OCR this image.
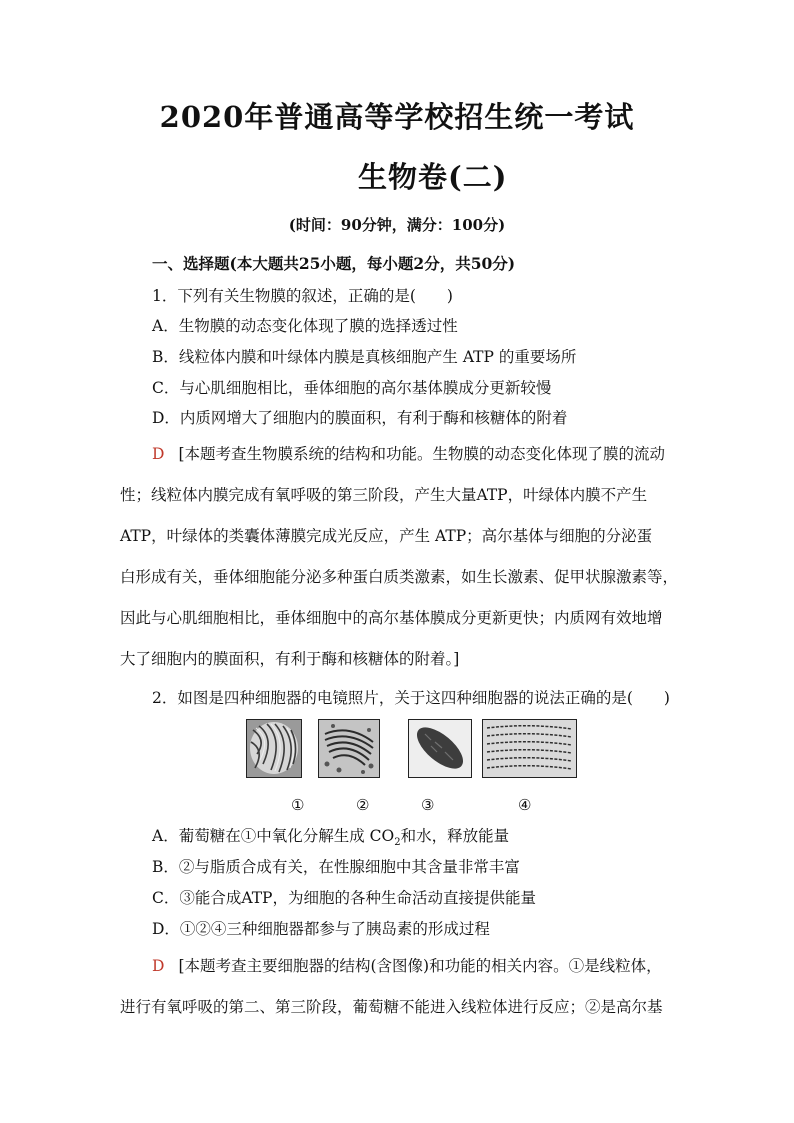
2020年普通高等学校招生统一考试
生物卷(二)
(时间：90分钟，满分：100分)
一、选择题(本大题共25小题，每小题2分，共50分)
1．下列有关生物膜的叙述，正确的是(　　)
A．生物膜的动态变化体现了膜的选择透过性
B．线粒体内膜和叶绿体内膜是真核细胞产生 ATP 的重要场所
C．与心肌细胞相比，垂体细胞的高尔基体膜成分更新较慢
D．内质网增大了细胞内的膜面积，有利于酶和核糖体的附着
D [本题考查生物膜系统的结构和功能。生物膜的动态变化体现了膜的流动
性；线粒体内膜完成有氧呼吸的第三阶段，产生大量ATP，叶绿体内膜不产生
ATP，叶绿体的类囊体薄膜完成光反应，产生 ATP；高尔基体与细胞的分泌蛋
白形成有关，垂体细胞能分泌多种蛋白质类激素，如生长激素、促甲状腺激素等，
因此与心肌细胞相比，垂体细胞中的高尔基体膜成分更新更快；内质网有效地增
大了细胞内的膜面积，有利于酶和核糖体的附着。]
2．如图是四种细胞器的电镜照片，关于这四种细胞器的说法正确的是(　　)
①	②	③	④
A．葡萄糖在①中氧化分解生成 $CO_2$和水，释放能量
B．②与脂质合成有关，在性腺细胞中其含量非常丰富
C．③能合成ATP，为细胞的各种生命活动直接提供能量
D．①②④三种细胞器都参与了胰岛素的形成过程
D [本题考查主要细胞器的结构(含图像)和功能的相关内容。①是线粒体，
进行有氧呼吸的第二、第三阶段，葡萄糖不能进入线粒体进行反应；②是高尔基
